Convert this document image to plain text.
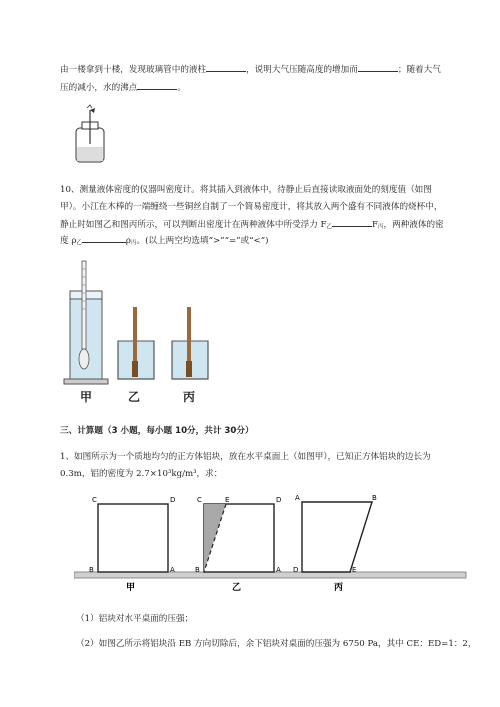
由一楼拿到十楼，发现玻璃管中的液柱	，说明大气压随高度的增加而	；随着大气
压的减小，水的沸点	。
10、测量液体密度的仪器叫密度计。将其插入到液体中，待静止后直接读取液面处的刻度值（如图
甲）。小江在木棒的一端缠绕一些铜丝自制了一个简易密度计，将其放入两个盛有不同液体的烧杯中，
静止时如图乙和图丙所示，可以判断出密度计在两种液体中所受浮力 F乙	F丙，两种液体的密
度 ρ乙	ρ丙。(以上两空均选填“>”“=”或“<”)
甲	乙	丙
三、计算题（3 小题，每小题 10分，共计 30分）
1、如图所示为一个质地均匀的正方体铝块，放在水平桌面上（如图甲），已知正方体铝块的边长为
0.3m，铝的密度为 2.7×10³kg/m³，求：
C	D
B	A
甲
C	E	D
B	A
乙
A	B
D	E
丙
（1）铝块对水平桌面的压强；
（2）如图乙所示将铝块沿 EB 方向切除后，余下铝块对桌面的压强为 6750 Pa，其中 CE：ED=1：2，
